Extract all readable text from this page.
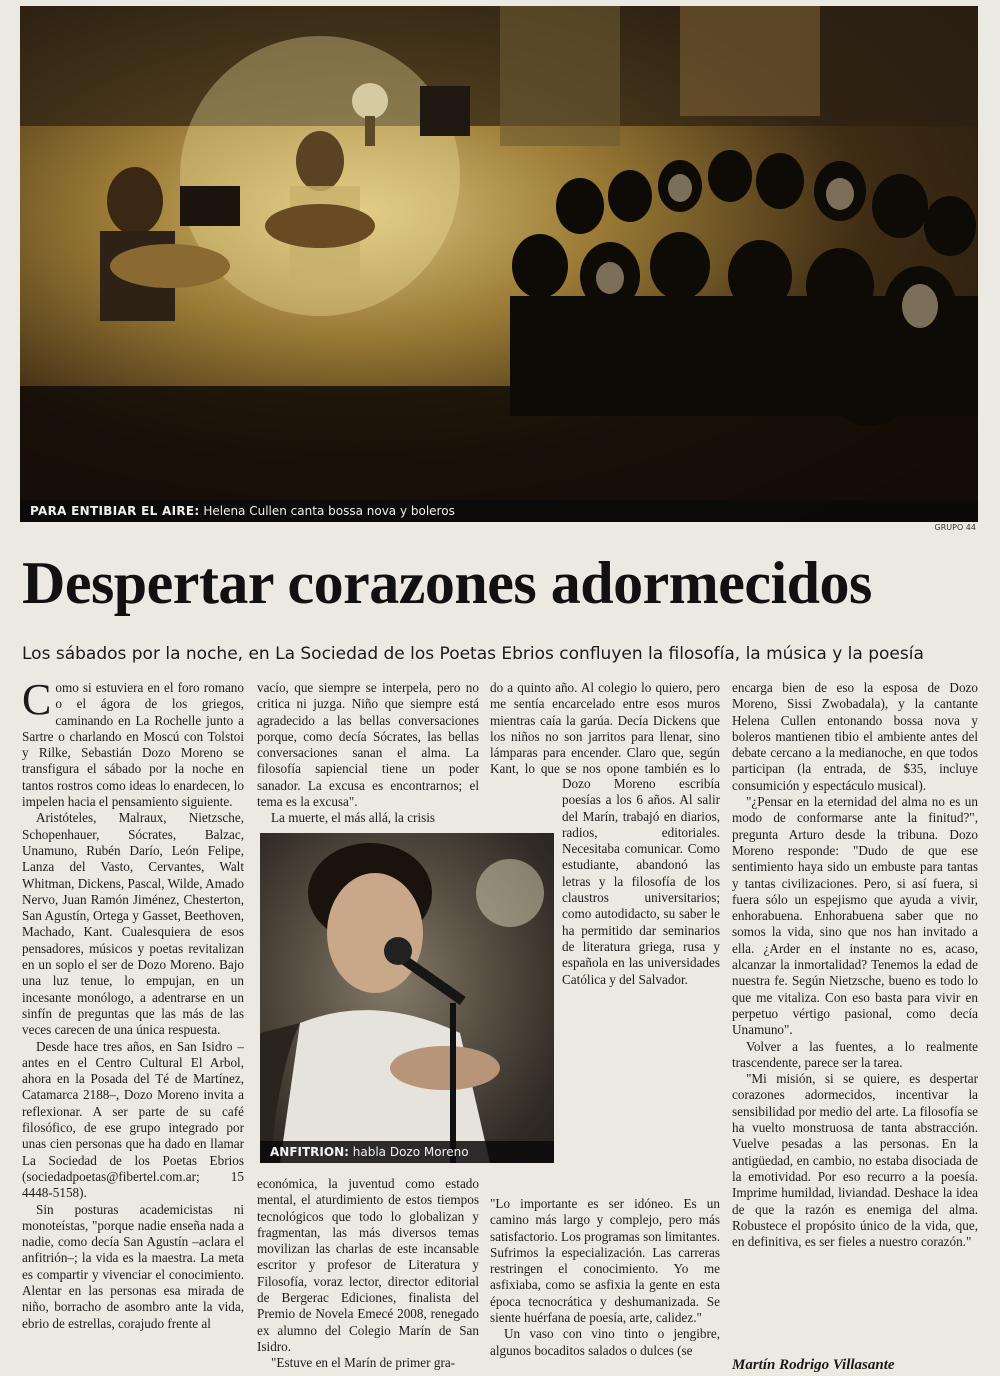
PARA ENTIBIAR EL AIRE: Helena Cullen canta bossa nova y boleros
GRUPO 44
Despertar corazones adormecidos
Los sábados por la noche, en La Sociedad de los Poetas Ebrios confluyen la filosofía, la música y la poesía

Como si estuviera en el foro romano o el ágora de los griegos, caminando en La Rochelle junto a Sartre o charlando en Moscú con Tolstoi y Rilke, Sebastián Dozo Moreno se transfigura el sábado por la noche en tantos rostros como ideas lo enardecen, lo impelen hacia el pensamiento siguiente.

Aristóteles, Malraux, Nietzsche, Schopenhauer, Sócrates, Balzac, Unamuno, Rubén Darío, León Felipe, Lanza del Vasto, Cervantes, Walt Whitman, Dickens, Pascal, Wilde, Amado Nervo, Juan Ramón Jiménez, Chesterton, San Agustín, Ortega y Gasset, Beethoven, Machado, Kant. Cualesquiera de esos pensadores, músicos y poetas revitalizan en un soplo el ser de Dozo Moreno. Bajo una luz tenue, lo empujan, en un incesante monólogo, a adentrarse en un sinfín de preguntas que las más de las veces carecen de una única respuesta.

Desde hace tres años, en San Isidro –antes en el Centro Cultural El Arbol, ahora en la Posada del Té de Martínez, Catamarca 2188–, Dozo Moreno invita a reflexionar. A ser parte de su café filosófico, de ese grupo integrado por unas cien personas que ha dado en llamar La Sociedad de los Poetas Ebrios (sociedadpoetas@fibertel.com.ar; 15 4448-5158).

Sin posturas academicistas ni monoteístas, "porque nadie enseña nada a nadie, como decía San Agustín –aclara el anfitrión–; la vida es la maestra. La meta es compartir y vivenciar el conocimiento. Alentar en las personas esa mirada de niño, borracho de asombro ante la vida, ebrio de estrellas, corajudo frente al

vacío, que siempre se interpela, pero no critica ni juzga. Niño que siempre está agradecido a las bellas conversaciones porque, como decía Sócrates, las bellas conversaciones sanan el alma. La filosofía sapiencial tiene un poder sanador. La excusa es encontrarnos; el tema es la excusa".

La muerte, el más allá, la crisis

ANFITRION: habla Dozo Moreno

económica, la juventud como estado mental, el aturdimiento de estos tiempos tecnológicos que todo lo globalizan y fragmentan, las más diversos temas movilizan las charlas de este incansable escritor y profesor de Literatura y Filosofía, voraz lector, director editorial de Bergerac Ediciones, finalista del Premio de Novela Emecé 2008, renegado ex alumno del Colegio Marín de San Isidro.

"Estuve en el Marín de primer gra-

do a quinto año. Al colegio lo quiero, pero me sentía encarcelado entre esos muros mientras caía la garúa. Decía Dickens que los niños no son jarritos para llenar, sino lámparas para encender. Claro que, según Kant, lo que se nos opone también es lo

Dozo Moreno escribía poesías a los 6 años. Al salir del Marín, trabajó en diarios, radios, editoriales. Necesitaba comunicar. Como estudiante, abandonó las letras y la filosofía de los claustros universitarios; como autodidacto, su saber le ha permitido dar seminarios de literatura griega, rusa y española en las universidades Católica y del Salvador.

"Lo importante es ser idóneo. Es un camino más largo y complejo, pero más satisfactorio. Los programas son limitantes. Sufrimos la especialización. Las carreras restringen el conocimiento. Yo me asfixiaba, como se asfixia la gente en esta época tecnocrática y deshumanizada. Se siente huérfana de poesía, arte, calidez."

Un vaso con vino tinto o jengibre, algunos bocaditos salados o dulces (se

encarga bien de eso la esposa de Dozo Moreno, Sissi Zwobadala), y la cantante Helena Cullen entonando bossa nova y boleros mantienen tibio el ambiente antes del debate cercano a la medianoche, en que todos participan (la entrada, de $35, incluye consumición y espectáculo musical).

"¿Pensar en la eternidad del alma no es un modo de conformarse ante la finitud?", pregunta Arturo desde la tribuna. Dozo Moreno responde: "Dudo de que ese sentimiento haya sido un embuste para tantas y tantas civilizaciones. Pero, si así fuera, si fuera sólo un espejismo que ayuda a vivir, enhorabuena. Enhorabuena saber que no somos la vida, sino que nos han invitado a ella. ¿Arder en el instante no es, acaso, alcanzar la inmortalidad? Tenemos la edad de nuestra fe. Según Nietzsche, bueno es todo lo que me vitaliza. Con eso basta para vivir en perpetuo vértigo pasional, como decía Unamuno".

Volver a las fuentes, a lo realmente trascendente, parece ser la tarea.

"Mi misión, si se quiere, es despertar corazones adormecidos, incentivar la sensibilidad por medio del arte. La filosofía se ha vuelto monstruosa de tanta abstracción. Vuelve pesadas a las personas. En la antigüedad, en cambio, no estaba disociada de la emotividad. Por eso recurro a la poesía. Imprime humildad, liviandad. Deshace la idea de que la razón es enemiga del alma. Robustece el propósito único de la vida, que, en definitiva, es ser fieles a nuestro corazón."

Martín Rodrigo Villasante
